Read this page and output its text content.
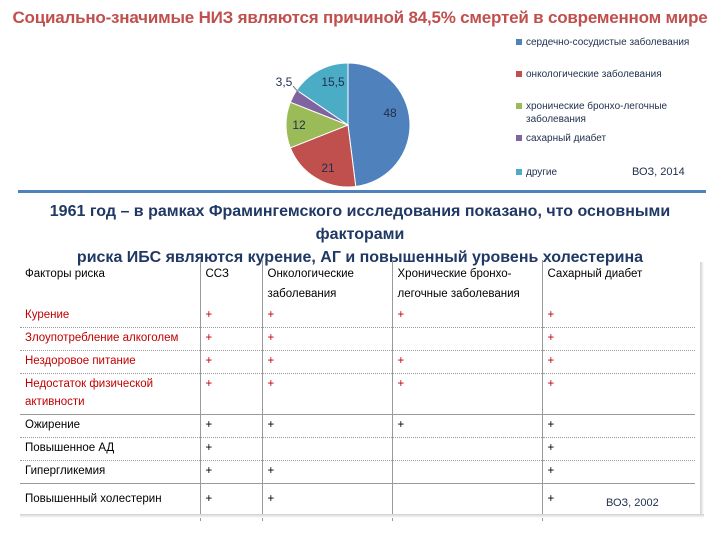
Социально-значимые НИЗ являются причиной 84,5% смертей в современном мире
48
21
12
3,5 15,5
сердечно-сосудистые заболевания
онкологические заболевания
хронические бронхо-легочные заболевания
сахарный диабет
другие	ВОЗ, 2014
1961 год – в рамках Фрамингемского исследования показано, что основными факторами
риска ИБС являются курение, АГ и повышенный уровень холестерина
Факторы риска	ССЗ	Онкологические заболевания	Хронические бронхо-легочные заболевания	Сахарный диабет
Курение	+	+	+	+
Злоупотребление алкоголем	+	+		+
Нездоровое питание	+	+	+	+
Недостаток физической активности	+	+	+	+
Ожирение	+	+	+	+
Повышенное АД	+			+
Гипергликемия	+	+		+
Повышенный холестерин	+	+		+	ВОЗ, 2002
